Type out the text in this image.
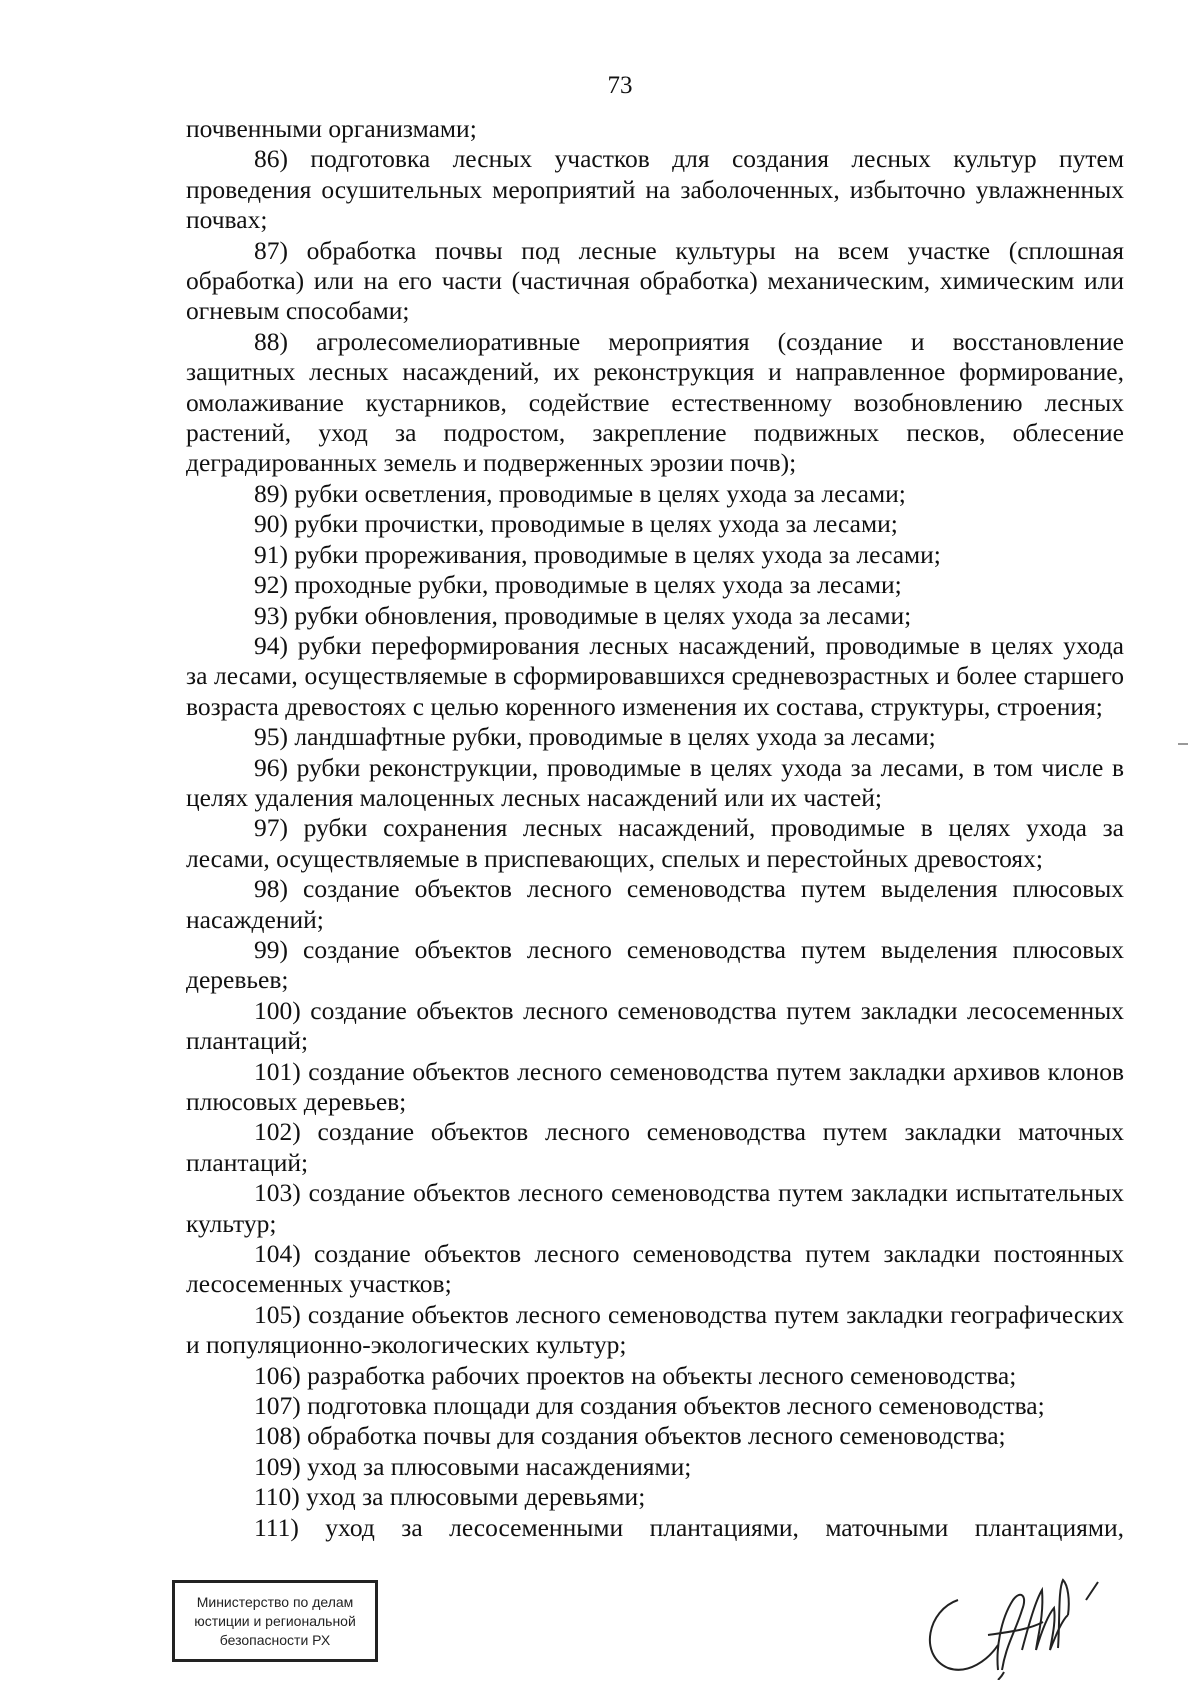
73

почвенными организмами;

86) подготовка лесных участков для создания лесных культур путем проведения осушительных мероприятий на заболоченных, избыточно увлажненных почвах;

87) обработка почвы под лесные культуры на всем участке (сплошная обработка) или на его части (частичная обработка) механическим, химическим или огневым способами;

88) агролесомелиоративные мероприятия (создание и восстановление защитных лесных насаждений, их реконструкция и направленное формирование, омолаживание кустарников, содействие естественному возобновлению лесных растений, уход за подростом, закрепление подвижных песков, облесение деградированных земель и подверженных эрозии почв);

89) рубки осветления, проводимые в целях ухода за лесами;

90) рубки прочистки, проводимые в целях ухода за лесами;

91) рубки прореживания, проводимые в целях ухода за лесами;

92) проходные рубки, проводимые в целях ухода за лесами;

93) рубки обновления, проводимые в целях ухода за лесами;

94) рубки переформирования лесных насаждений, проводимые в целях ухода за лесами, осуществляемые в сформировавшихся средневозрастных и более старшего возраста древостоях с целью коренного изменения их состава, структуры, строения;

95) ландшафтные рубки, проводимые в целях ухода за лесами;

96) рубки реконструкции, проводимые в целях ухода за лесами, в том числе в целях удаления малоценных лесных насаждений или их частей;

97) рубки сохранения лесных насаждений, проводимые в целях ухода за лесами, осуществляемые в приспевающих, спелых и перестойных древостоях;

98) создание объектов лесного семеноводства путем выделения плюсовых насаждений;

99) создание объектов лесного семеноводства путем выделения плюсовых деревьев;

100) создание объектов лесного семеноводства путем закладки лесосеменных плантаций;

101) создание объектов лесного семеноводства путем закладки архивов клонов плюсовых деревьев;

102) создание объектов лесного семеноводства путем закладки маточных плантаций;

103) создание объектов лесного семеноводства путем закладки испытательных культур;

104) создание объектов лесного семеноводства путем закладки постоянных лесосеменных участков;

105) создание объектов лесного семеноводства путем закладки географических и популяционно-экологических культур;

106) разработка рабочих проектов на объекты лесного семеноводства;

107) подготовка площади для создания объектов лесного семеноводства;

108) обработка почвы для создания объектов лесного семеноводства;

109) уход за плюсовыми насаждениями;

110) уход за плюсовыми деревьями;

111) уход за лесосеменными плантациями, маточными плантациями,

Министерство по делам
юстиции и региональной
безопасности РХ
